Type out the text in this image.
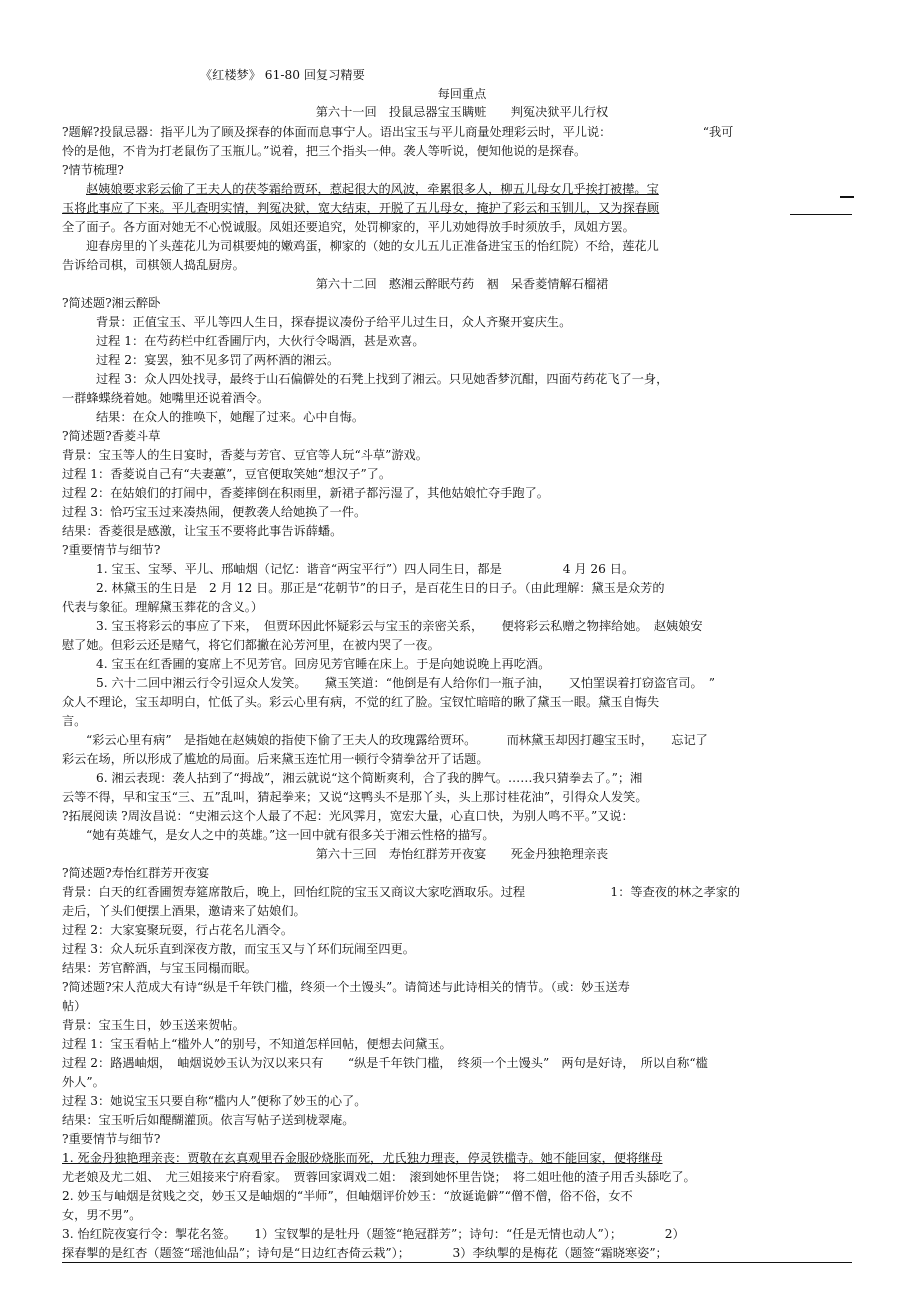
《红楼梦》 61-80 回复习精要
每回重点
第六十一回　投鼠忌器宝玉瞒赃　　判冤决狱平儿行权
?题解?投鼠忌器：指平儿为了顾及探春的体面而息事宁人。语出宝玉与平儿商量处理彩云时，平儿说：　　　　　　　　“我可
怜的是他，不肯为打老鼠伤了玉瓶儿。”说着，把三个指头一伸。袭人等听说，便知他说的是探春。
?情节梳理?
赵姨娘要求彩云偷了王夫人的茯苓霜给贾环，惹起很大的风波，牵累很多人，柳五儿母女几乎挨打被撵。宝
玉将此事应了下来。平儿查明实情，判冤决狱，宽大结束，开脱了五儿母女，掩护了彩云和玉钏儿，又为探春顾
全了面子。各方面对她无不心悦诚服。凤姐还要追究，处罚柳家的，平儿劝她得放手时须放手，凤姐方罢。
迎春房里的丫头莲花儿为司棋要炖的嫩鸡蛋，柳家的（她的女儿五儿正准备进宝玉的怡红院）不给，莲花儿
告诉给司棋，司棋领人捣乱厨房。
第六十二回　憨湘云醉眠芍药　裀　呆香菱情解石榴裙
?简述题?湘云醉卧
背景：正值宝玉、平儿等四人生日，探春提议凑份子给平儿过生日，众人齐聚开宴庆生。
过程 1：在芍药栏中红香圃厅内，大伙行令喝酒，甚是欢喜。
过程 2：宴罢，独不见多罚了两杯酒的湘云。
过程 3：众人四处找寻，最终于山石偏僻处的石凳上找到了湘云。只见她香梦沉酣，四面芍药花飞了一身，
一群蜂蝶绕着她。她嘴里还说着酒令。
结果：在众人的推唤下，她醒了过来。心中自悔。
?简述题?香菱斗草
背景：宝玉等人的生日宴时，香菱与芳官、豆官等人玩“斗草”游戏。
过程 1：香菱说自己有“夫妻蕙”，豆官便取笑她“想汉子”了。
过程 2：在姑娘们的打闹中，香菱摔倒在积雨里，新裙子都污湿了，其他姑娘忙夺手跑了。
过程 3：恰巧宝玉过来凑热闹，便教袭人给她换了一件。
结果：香菱很是感激，让宝玉不要将此事告诉薛蟠。
?重要情节与细节?
1. 宝玉、宝琴、平儿、邢岫烟（记忆：谐音“两宝平行”）四人同生日，都是　　　　　4 月 26 日。
2. 林黛玉的生日是　2 月 12 日。那正是“花朝节”的日子，是百花生日的日子。（由此理解：黛玉是众芳的
代表与象征。理解黛玉葬花的含义。）
3. 宝玉将彩云的事应了下来，　但贾环因此怀疑彩云与宝玉的亲密关系，　　便将彩云私赠之物摔给她。　赵姨娘安
慰了她。但彩云还是赌气，将它们都撇在沁芳河里，在被内哭了一夜。
4. 宝玉在红香圃的宴席上不见芳官。回房见芳官睡在床上。于是向她说晚上再吃酒。
5. 六十二回中湘云行令引逗众人发笑。　　黛玉笑道：“他倒是有人给你们一瓶子油，　　又怕罣误着打窃盗官司。　”
众人不理论，宝玉却明白，忙低了头。彩云心里有病，不觉的红了脸。宝钗忙暗暗的瞅了黛玉一眼。黛玉自悔失
言。
“彩云心里有病”　是指她在赵姨娘的指使下偷了王夫人的玫瑰露给贾环。　　　而林黛玉却因打趣宝玉时，　　忘记了
彩云在场，所以形成了尴尬的局面。后来黛玉连忙用一顿行令猜拳岔开了话题。
6. 湘云表现：袭人拈到了“拇战”，湘云就说“这个简断爽利，合了我的脾气。……我只猜拳去了。”；湘
云等不得，早和宝玉“三、五”乱叫，猜起拳来；又说“这鸭头不是那丫头，头上那讨桂花油”，引得众人发笑。
?拓展阅读 ?周汝昌说：“史湘云这个人最了不起：光风霁月，宽宏大量，心直口快，为别人鸣不平。”又说：
“她有英雄气，是女人之中的英雄。”这一回中就有很多关于湘云性格的描写。
第六十三回　寿怡红群芳开夜宴　　死金丹独艳理亲丧
?简述题?寿怡红群芳开夜宴
背景：白天的红香圃贺寿筵席散后，晚上，回怡红院的宝玉又商议大家吃酒取乐。过程　　　　　　　1：等查夜的林之孝家的
走后，丫头们便摆上酒果，邀请来了姑娘们。
过程 2：大家宴聚玩耍，行占花名儿酒令。
过程 3：众人玩乐直到深夜方散，而宝玉又与丫环们玩闹至四更。
结果：芳官醉酒，与宝玉同榻而眠。
?简述题?宋人范成大有诗“纵是千年铁门槛，终须一个土馒头”。请简述与此诗相关的情节。（或：妙玉送寿
帖）
背景：宝玉生日，妙玉送来贺帖。
过程 1：宝玉看帖上“槛外人”的别号，不知道怎样回帖，便想去问黛玉。
过程 2：路遇岫烟，　岫烟说妙玉认为汉以来只有　　“纵是千年铁门槛，　终须一个土馒头”　两句是好诗，　所以自称“槛
外人”。
过程 3：她说宝玉只要自称“槛内人”便称了妙玉的心了。
结果：宝玉听后如醍醐灌顶。依言写帖子送到栊翠庵。
?重要情节与细节?
1. 死金丹独艳理亲丧：贾敬在玄真观里吞金服砂烧胀而死，尤氏独力理丧，停灵铁槛寺。她不能回家，便将继母
尤老娘及尤二姐、　尤三姐接来宁府看家。　贾蓉回家调戏二姐：　滚到她怀里告饶；　将二姐吐他的渣子用舌头舔吃了。
2. 妙玉与岫烟是贫贱之交，妙玉又是岫烟的“半师”，但岫烟评价妙玉：“放诞诡僻”“僧不僧，俗不俗，女不
女，男不男”。
3. 怡红院夜宴行令：掣花名签。　　1）宝钗掣的是牡丹（题签“艳冠群芳”；诗句：“任是无情也动人”）；　　　　2）
探春掣的是红杏（题签“瑶池仙品”；诗句是“日边红杏倚云栽”）；　　　　3）李纨掣的是梅花（题签“霜晓寒姿”；
